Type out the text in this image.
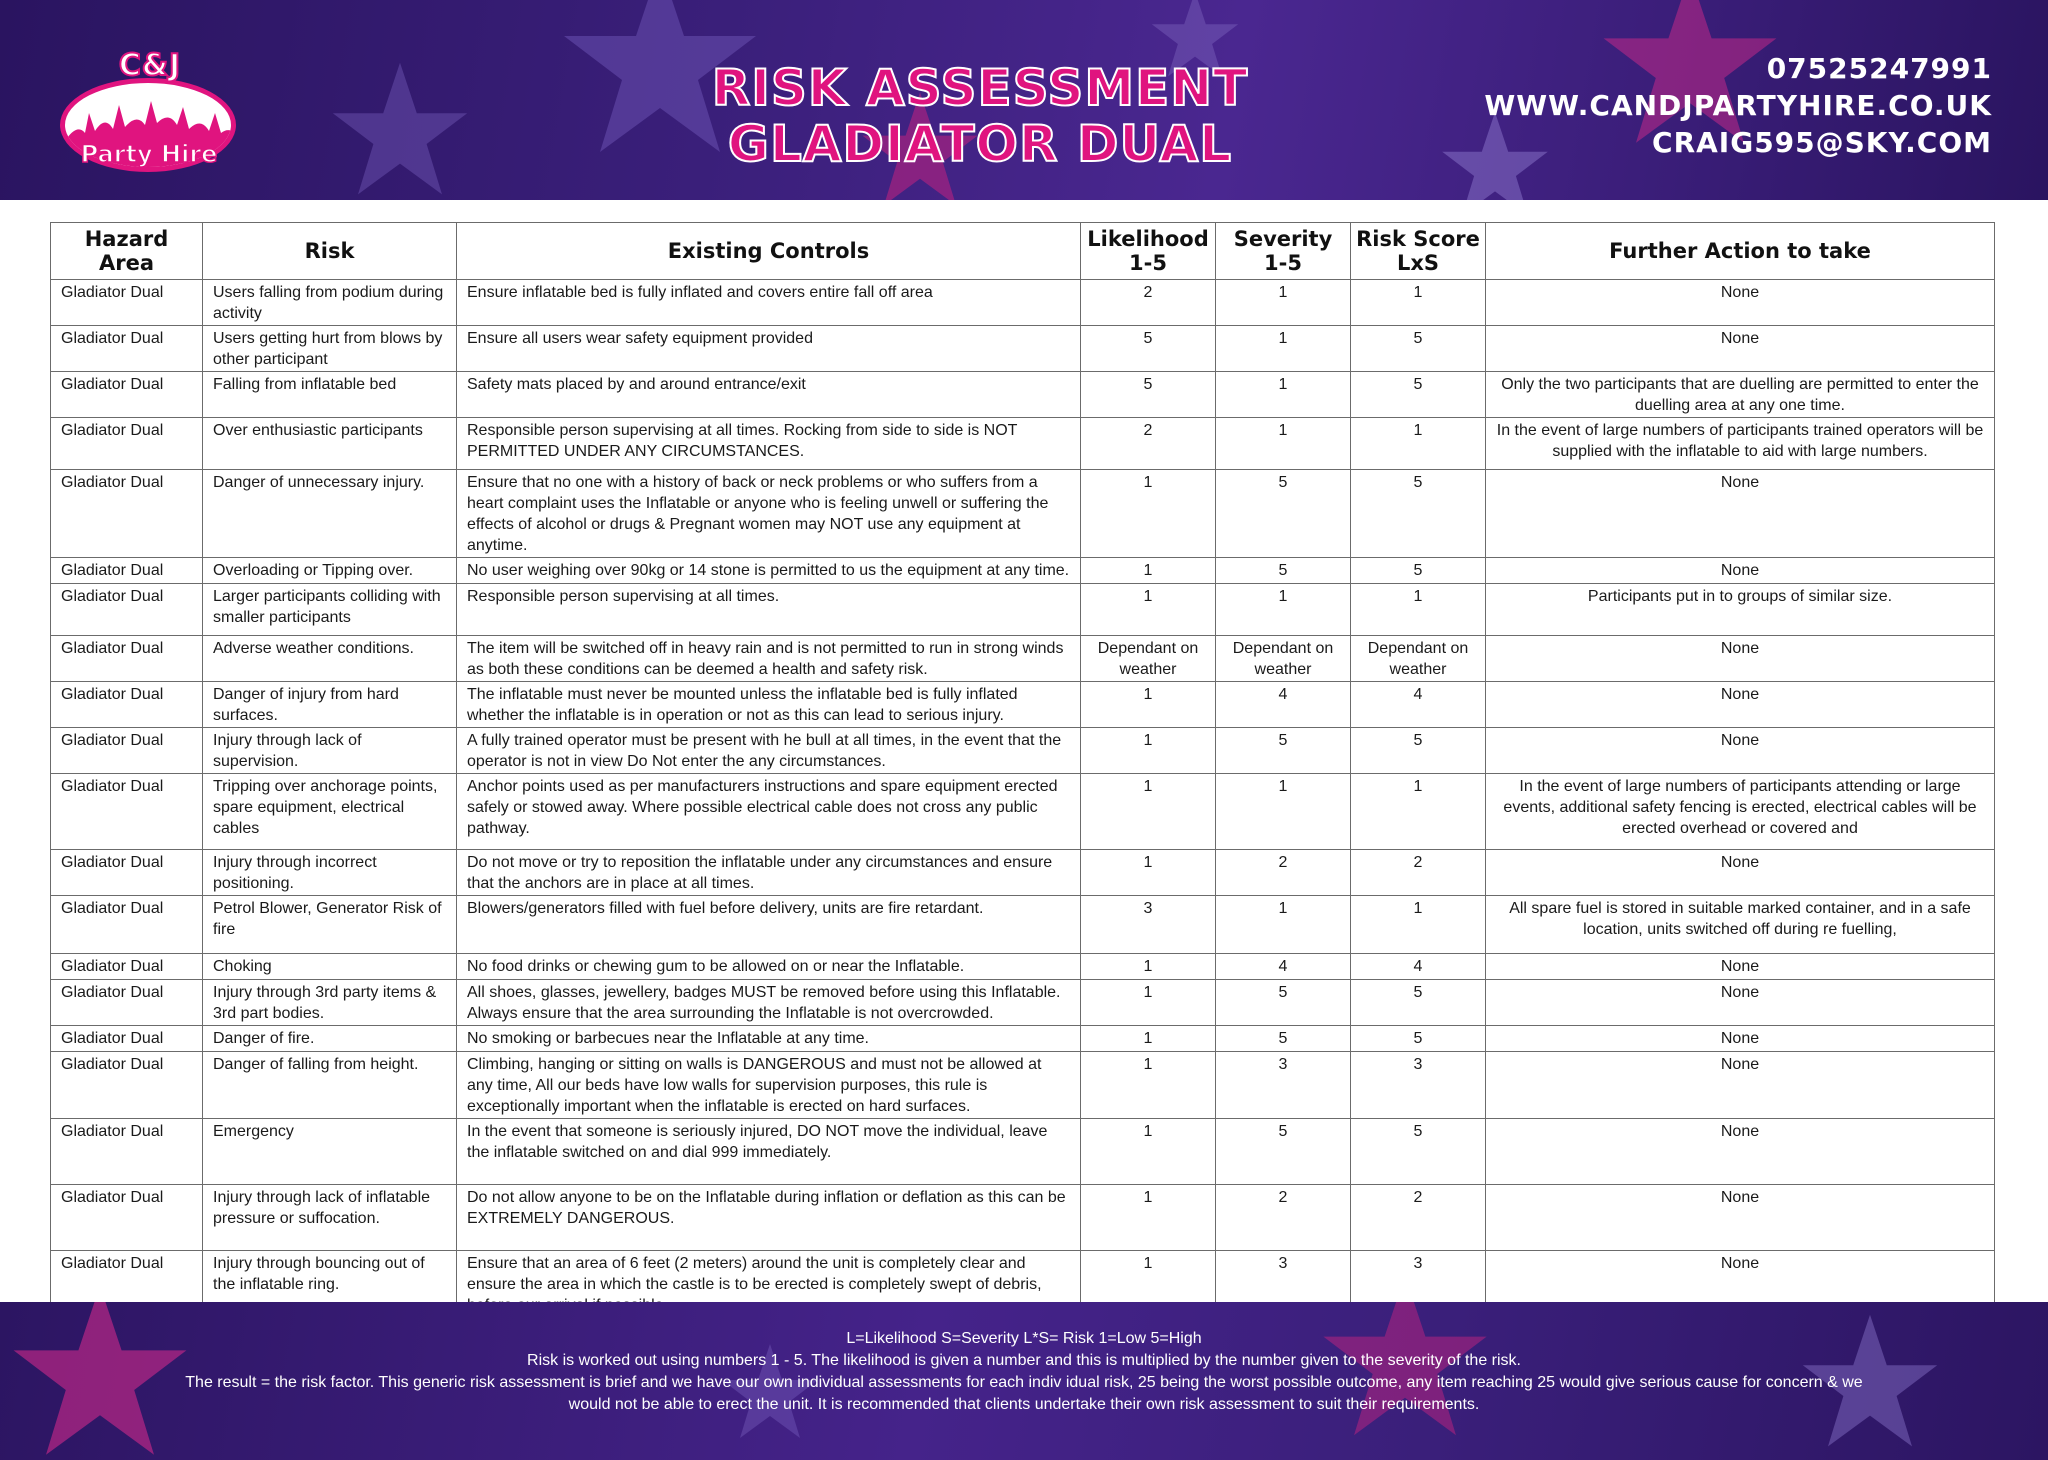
C&J
Party Hire
RISK ASSESSMENT
GLADIATOR DUAL
07525247991
WWW.CANDJPARTYHIRE.CO.UK
CRAIG595@SKY.COM
Hazard Area	Risk	Existing Controls	Likelihood 1-5	Severity 1-5	Risk Score LxS	Further Action to take
Gladiator Dual	Users falling from podium during activity	Ensure inflatable bed is fully inflated and covers entire fall off area	2	1	1	None
Gladiator Dual	Users getting hurt from blows by other participant	Ensure all users wear safety equipment provided	5	1	5	None
Gladiator Dual	Falling from inflatable bed	Safety mats placed by and around entrance/exit	5	1	5	Only the two participants that are duelling are permitted to enter the duelling area at any one time.
Gladiator Dual	Over enthusiastic participants	Responsible person supervising at all times. Rocking from side to side is NOT PERMITTED UNDER ANY CIRCUMSTANCES.	2	1	1	In the event of large numbers of participants trained operators will be supplied with the inflatable to aid with large numbers.
Gladiator Dual	Danger of unnecessary injury.	Ensure that no one with a history of back or neck problems or who suffers from a heart complaint uses the Inflatable or anyone who is feeling unwell or suffering the effects of alcohol or drugs & Pregnant women may NOT use any equipment at anytime.	1	5	5	None
Gladiator Dual	Overloading or Tipping over.	No user weighing over 90kg or 14 stone is permitted to us the equipment at any time.	1	5	5	None
Gladiator Dual	Larger participants colliding with smaller participants	Responsible person supervising at all times.	1	1	1	Participants put in to groups of similar size.
Gladiator Dual	Adverse weather conditions.	The item will be switched off in heavy rain and is not permitted to run in strong winds as both these conditions can be deemed a health and safety risk.	Dependant on weather	Dependant on weather	Dependant on weather	None
Gladiator Dual	Danger of injury from hard surfaces.	The inflatable must never be mounted unless the inflatable bed is fully inflated whether the inflatable is in operation or not as this can lead to serious injury.	1	4	4	None
Gladiator Dual	Injury through lack of supervision.	A fully trained operator must be present with he bull at all times, in the event that the operator is not in view Do Not enter the any circumstances.	1	5	5	None
Gladiator Dual	Tripping over anchorage points, spare equipment, electrical cables	Anchor points used as per manufacturers instructions and spare equipment erected safely or stowed away. Where possible electrical cable does not cross any public pathway.	1	1	1	In the event of large numbers of participants attending or large events, additional safety fencing is erected, electrical cables will be erected overhead or covered and
Gladiator Dual	Injury through incorrect positioning.	Do not move or try to reposition the inflatable under any circumstances and ensure that the anchors are in place at all times.	1	2	2	None
Gladiator Dual	Petrol Blower, Generator Risk of fire	Blowers/generators filled with fuel before delivery, units are fire retardant.	3	1	1	All spare fuel is stored in suitable marked container, and in a safe location, units switched off during re fuelling,
Gladiator Dual	Choking	No food drinks or chewing gum to be allowed on or near the Inflatable.	1	4	4	None
Gladiator Dual	Injury through 3rd party items & 3rd part bodies.	All shoes, glasses, jewellery, badges MUST be removed before using this Inflatable. Always ensure that the area surrounding the Inflatable is not overcrowded.	1	5	5	None
Gladiator Dual	Danger of fire.	No smoking or barbecues near the Inflatable at any time.	1	5	5	None
Gladiator Dual	Danger of falling from height.	Climbing, hanging or sitting on walls is DANGEROUS and must not be allowed at any time, All our beds have low walls for supervision purposes, this rule is exceptionally important when the inflatable is erected on hard surfaces.	1	3	3	None
Gladiator Dual	Emergency	In the event that someone is seriously injured, DO NOT move the individual, leave the inflatable switched on and dial 999 immediately.	1	5	5	None
Gladiator Dual	Injury through lack of inflatable pressure or suffocation.	Do not allow anyone to be on the Inflatable during inflation or deflation as this can be EXTREMELY DANGEROUS.	1	2	2	None
Gladiator Dual	Injury through bouncing out of the inflatable ring.	Ensure that an area of 6 feet (2 meters) around the unit is completely clear and ensure the area in which the castle is to be erected is completely swept of debris,	1	3	3	None
L=Likelihood S=Severity L*S= Risk 1=Low 5=High
Risk is worked out using numbers 1 - 5. The likelihood is given a number and this is multiplied by the number given to the severity of the risk.
The result = the risk factor. This generic risk assessment is brief and we have our own individual assessments for each indiv idual risk, 25 being the worst possible outcome, any item reaching 25 would give serious cause for concern & we would not be able to erect the unit. It is recommended that clients undertake their own risk assessment to suit their requirements.
